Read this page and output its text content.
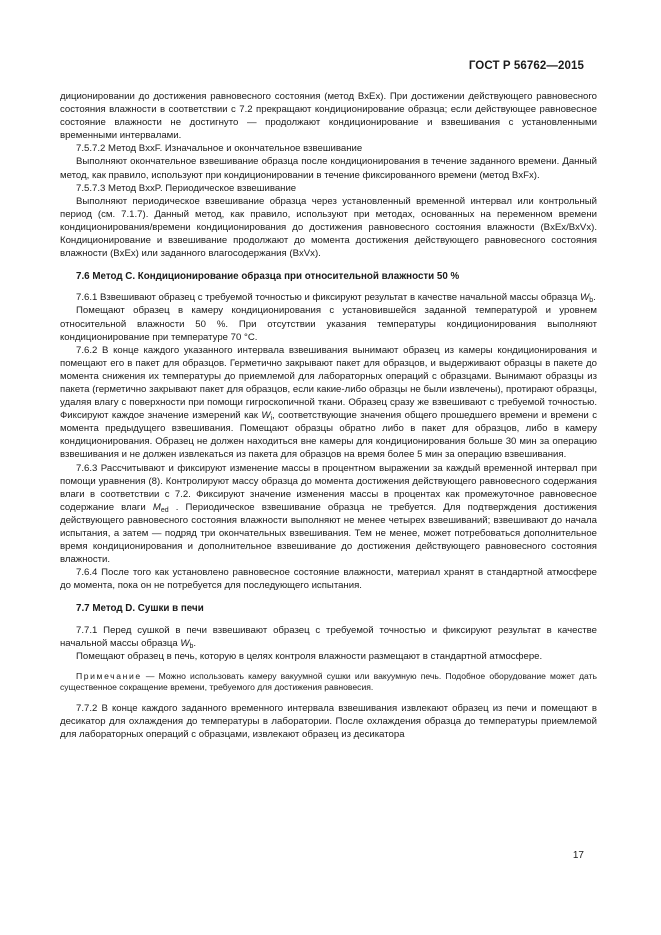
ГОСТ Р 56762—2015

диционировании до достижения равновесного состояния (метод BxEx). При достижении действующего равновесного состояния влажности в соответствии с 7.2 прекращают кондиционирование образца; если действующее равновесное состояние влажности не достигнуто — продолжают кондиционирование и взвешивания с установленными временными интервалами.

7.5.7.2 Метод BxxF. Изначальное и окончательное взвешивание

Выполняют окончательное взвешивание образца после кондиционирования в течение заданного времени. Данный метод, как правило, используют при кондиционировании в течение фиксированного времени (метод BxFx).

7.5.7.3 Метод BxxP. Периодическое взвешивание

Выполняют периодическое взвешивание образца через установленный временной интервал или контрольный период (см. 7.1.7). Данный метод, как правило, используют при методах, основанных на переменном времени кондиционирования/времени кондиционирования до достижения равновесного состояния влажности (BxEx/BxVx). Кондиционирование и взвешивание продолжают до момента достижения действующего равновесного состояния влажности (BxEx) или заданного влагосодержания (BxVx).

7.6 Метод С. Кондиционирование образца при относительной влажности 50 %

7.6.1 Взвешивают образец с требуемой точностью и фиксируют результат в качестве начальной массы образца $W_b$.

Помещают образец в камеру кондиционирования с установившейся заданной температурой и уровнем относительной влажности 50 %. При отсутствии указания температуры кондиционирования выполняют кондиционирование при температуре 70 °С.

7.6.2 В конце каждого указанного интервала взвешивания вынимают образец из камеры кондиционирования и помещают его в пакет для образцов. Герметично закрывают пакет для образцов, и выдерживают образцы в пакете до момента снижения их температуры до приемлемой для лабораторных операций с образцами. Вынимают образцы из пакета (герметично закрывают пакет для образцов, если какие-либо образцы не были извлечены), протирают образцы, удаляя влагу с поверхности при помощи гигроскопичной ткани. Образец сразу же взвешивают с требуемой точностью. Фиксируют каждое значение измерений как $W_i$, соответствующие значения общего прошедшего времени и времени с момента предыдущего взвешивания. Помещают образцы обратно либо в пакет для образцов, либо в камеру кондиционирования. Образец не должен находиться вне камеры для кондиционирования больше 30 мин за операцию взвешивания и не должен извлекаться из пакета для образцов на время более 5 мин за операцию взвешивания.

7.6.3 Рассчитывают и фиксируют изменение массы в процентном выражении за каждый временной интервал при помощи уравнения (8). Контролируют массу образца до момента достижения действующего равновесного содержания влаги в соответствии с 7.2. Фиксируют значение изменения массы в процентах как промежуточное равновесное содержание влаги $M_{ed}$ . Периодическое взвешивание образца не требуется. Для подтверждения достижения действующего равновесного состояния влажности выполняют не менее четырех взвешиваний; взвешивают до начала испытания, а затем — подряд три окончательных взвешивания. Тем не менее, может потребоваться дополнительное время кондиционирования и дополнительное взвешивание до достижения действующего равновесного состояния влажности.

7.6.4 После того как установлено равновесное состояние влажности, материал хранят в стандартной атмосфере до момента, пока он не потребуется для последующего испытания.

7.7 Метод D. Сушки в печи

7.7.1 Перед сушкой в печи взвешивают образец с требуемой точностью и фиксируют результат в качестве начальной массы образца $W_b$.

Помещают образец в печь, которую в целях контроля влажности размещают в стандартной атмосфере.

Примечание — Можно использовать камеру вакуумной сушки или вакуумную печь. Подобное оборудование может дать существенное сокращение времени, требуемого для достижения равновесия.

7.7.2 В конце каждого заданного временного интервала взвешивания извлекают образец из печи и помещают в десикатор для охлаждения до температуры в лаборатории. После охлаждения образца до температуры приемлемой для лабораторных операций с образцами, извлекают образец из десикатора

17
